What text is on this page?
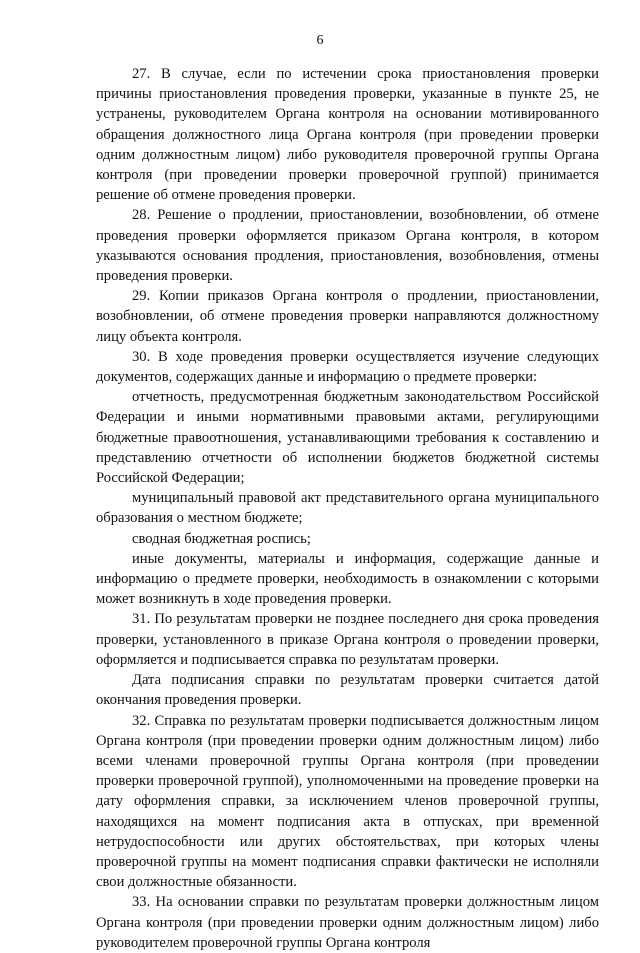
6

27. В случае, если по истечении срока приостановления проверки причины приостановления проведения проверки, указанные в пункте 25, не устранены, руководителем Органа контроля на основании мотивированного обращения должностного лица Органа контроля (при проведении проверки одним должностным лицом) либо руководителя проверочной группы Органа контроля (при проведении проверки проверочной группой) принимается решение об отмене проведения проверки.

28. Решение о продлении, приостановлении, возобновлении, об отмене проведения проверки оформляется приказом Органа контроля, в котором указываются основания продления, приостановления, возобновления, отмены проведения проверки.

29. Копии приказов Органа контроля о продлении, приостановлении, возобновлении, об отмене проведения проверки направляются должностному лицу объекта контроля.

30. В ходе проведения проверки осуществляется изучение следующих документов, содержащих данные и информацию о предмете проверки:

отчетность, предусмотренная бюджетным законодательством Российской Федерации и иными нормативными правовыми актами, регулирующими бюджетные правоотношения, устанавливающими требования к составлению и представлению отчетности об исполнении бюджетов бюджетной системы Российской Федерации;

муниципальный правовой акт представительного органа муниципального образования о местном бюджете;

сводная бюджетная роспись;

иные документы, материалы и информация, содержащие данные и информацию о предмете проверки, необходимость в ознакомлении с которыми может возникнуть в ходе проведения проверки.

31. По результатам проверки не позднее последнего дня срока проведения проверки, установленного в приказе Органа контроля о проведении проверки, оформляется и подписывается справка по результатам проверки.

Дата подписания справки по результатам проверки считается датой окончания проведения проверки.

32. Справка по результатам проверки подписывается должностным лицом Органа контроля (при проведении проверки одним должностным лицом) либо всеми членами проверочной группы Органа контроля (при проведении проверки проверочной группой), уполномоченными на проведение проверки на дату оформления справки, за исключением членов проверочной группы, находящихся на момент подписания акта в отпусках, при временной нетрудоспособности или других обстоятельствах, при которых члены проверочной группы на момент подписания справки фактически не исполняли свои должностные обязанности.

33. На основании справки по результатам проверки должностным лицом Органа контроля (при проведении проверки одним должностным лицом) либо руководителем проверочной группы Органа контроля
